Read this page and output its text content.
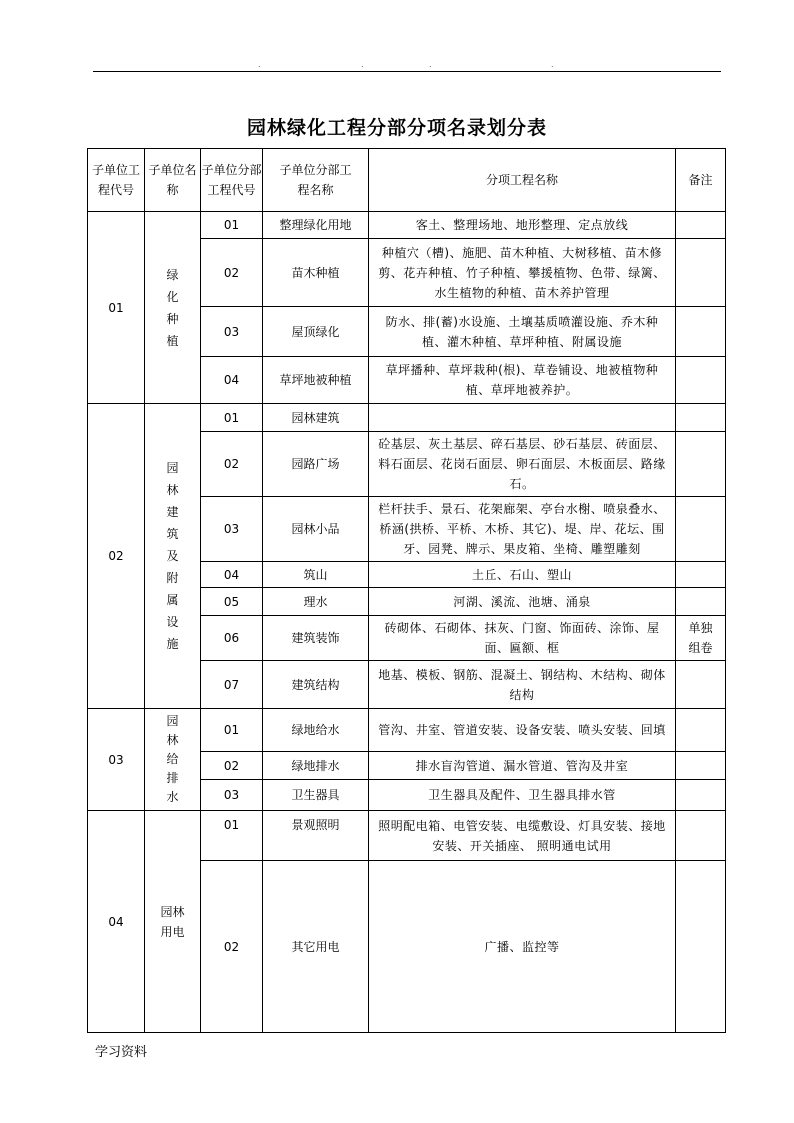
.	.	.	.
园林绿化工程分部分项名录划分表
子单位工程代号	子单位名称	子单位分部工程代号	子单位分部工程名称	分项工程名称	备注
01	绿化种植	01	整理绿化用地	客土、整理场地、地形整理、定点放线	
		02	苗木种植	种植穴（槽)、施肥、苗木种植、大树移植、苗木修剪、花卉种植、竹子种植、攀援植物、色带、绿篱、水生植物的种植、苗木养护管理	
		03	屋顶绿化	防水、排(蓄)水设施、土壤基质喷灌设施、乔木种植、灌木种植、草坪种植、附属设施	
		04	草坪地被种植	草坪播种、草坪栽种(根)、草卷铺设、地被植物种植、草坪地被养护。	
02	园林建筑及附属设施	01	园林建筑		
		02	园路广场	砼基层、灰土基层、碎石基层、砂石基层、砖面层、料石面层、花岗石面层、卵石面层、木板面层、路缘石。	
		03	园林小品	栏杆扶手、景石、花架廊架、亭台水榭、喷泉叠水、桥涵(拱桥、平桥、木桥、其它)、堤、岸、花坛、围牙、园凳、牌示、果皮箱、坐椅、雕塑雕刻	
		04	筑山	土丘、石山、塑山	
		05	理水	河湖、溪流、池塘、涌泉	
		06	建筑装饰	砖砌体、石砌体、抹灰、门窗、饰面砖、涂饰、屋面、匾额、框	单独组卷

		07	建筑结构	地基、模板、钢筋、混凝土、钢结构、木结构、砌体结构	
03	园林给排水	01	绿地给水	管沟、井室、管道安装、设备安装、喷头安装、回填	
		02	绿地排水	排水盲沟管道、漏水管道、管沟及井室	
		03	卫生器具	卫生器具及配件、卫生器具排水管	
04	园林用电	01	景观照明	照明配电箱、电管安装、电缆敷设、灯具安装、接地安装、开关插座、 照明通电试用	
		02	其它用电	广播、监控等	
学习资料
